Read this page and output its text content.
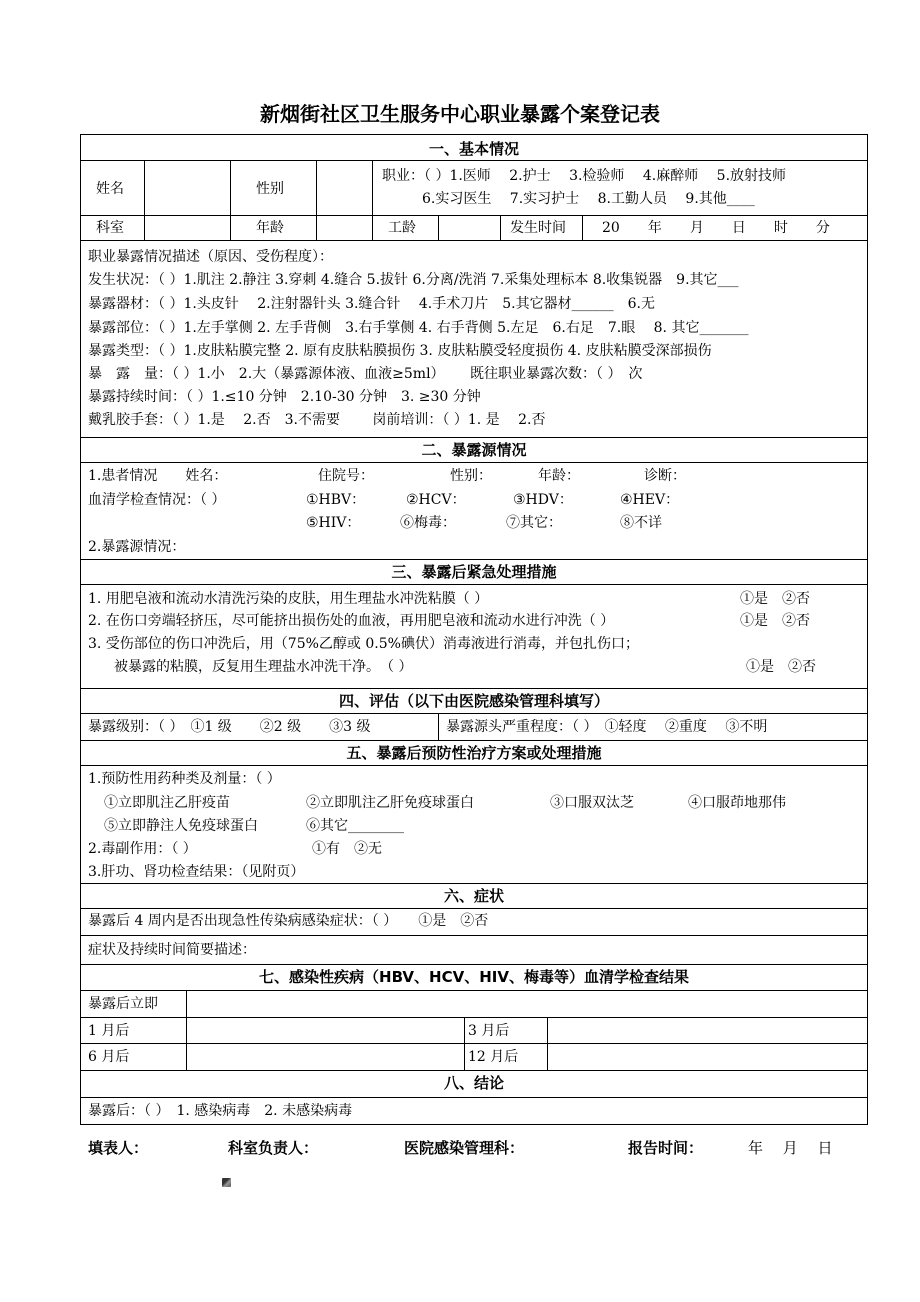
新烟街社区卫生服务中心职业暴露个案登记表
一、基本情况
姓名	性别
职业：（ ）1.医师　 2.护士　 3.检验师　 4.麻醉师　 5.放射技师
6.实习医生　 7.实习护士　 8.工勤人员　 9.其他____
科室	年龄	工龄	发生时间	20　　年　　月　　日　　时　　分
职业暴露情况描述（原因、受伤程度）：
发生状况：（ ）1.肌注 2.静注 3.穿刺 4.缝合 5.拔针 6.分离/洗消 7.采集处理标本 8.收集锐器　9.其它___
暴露器材：（ ）1.头皮针　 2.注射器针头 3.缝合针　 4.手术刀片　5.其它器材______　6.无
暴露部位：（ ）1.左手掌侧 2. 左手背侧　3.右手掌侧 4. 右手背侧 5.左足　6.右足　7.眼　 8. 其它_______
暴露类型：（ ）1.皮肤粘膜完整 2. 原有皮肤粘膜损伤 3. 皮肤粘膜受轻度损伤 4. 皮肤粘膜受深部损伤
暴　露　量：（ ）1.小　2.大（暴露源体液、血液≥5ml）　　 既往职业暴露次数：（ ）　次
暴露持续时间：（ ）1.≤10 分钟　2.10-30 分钟　3. ≥30 分钟
戴乳胶手套：（ ）1.是　 2.否　3.不需要　　 岗前培训：（ ）1. 是　 2.否
二、暴露源情况
1.患者情况　　姓名：	住院号：	性别：	年龄：	诊断：
血清学检查情况：（ ）	①HBV：	②HCV：	③HDV：	④HEV：
⑤HIV：	⑥梅毒：	⑦其它：	⑧不详
2.暴露源情况：
三、暴露后紧急处理措施
1. 用肥皂液和流动水清洗污染的皮肤，用生理盐水冲洗粘膜（ ）	①是　②否
2. 在伤口旁端轻挤压，尽可能挤出损伤处的血液，再用肥皂液和流动水进行冲洗（ ）	①是　②否
3. 受伤部位的伤口冲洗后，用（75%乙醇或 0.5%碘伏）消毒液进行消毒，并包扎伤口；
被暴露的粘膜，反复用生理盐水冲洗干净。　（ ）	①是　②否
四、评估（以下由医院感染管理科填写）
暴露级别：（ ）　①1 级　　②2 级　　③3 级	暴露源头严重程度：（ ）　①轻度　 ②重度　 ③不明
五、暴露后预防性治疗方案或处理措施
1.预防性用药种类及剂量：（ ）
①立即肌注乙肝疫苗	②立即肌注乙肝免疫球蛋白	③口服双汰芝	④口服茚地那伟
⑤立即静注人免疫球蛋白	⑥其它________
2.毒副作用：（ ）	①有　②无
3.肝功、肾功检查结果：（见附页）
六、症状
暴露后 4 周内是否出现急性传染病感染症状：（ ）　　①是　②否
症状及持续时间简要描述：
七、感染性疾病（HBV、HCV、HIV、梅毒等）血清学检查结果
暴露后立即
1 月后	3 月后
6 月后	12 月后
八、结论
暴露后：（ ）　1. 感染病毒　2. 未感染病毒
填表人：	科室负责人：	医院感染管理科：	报告时间：	年　 月　 日
